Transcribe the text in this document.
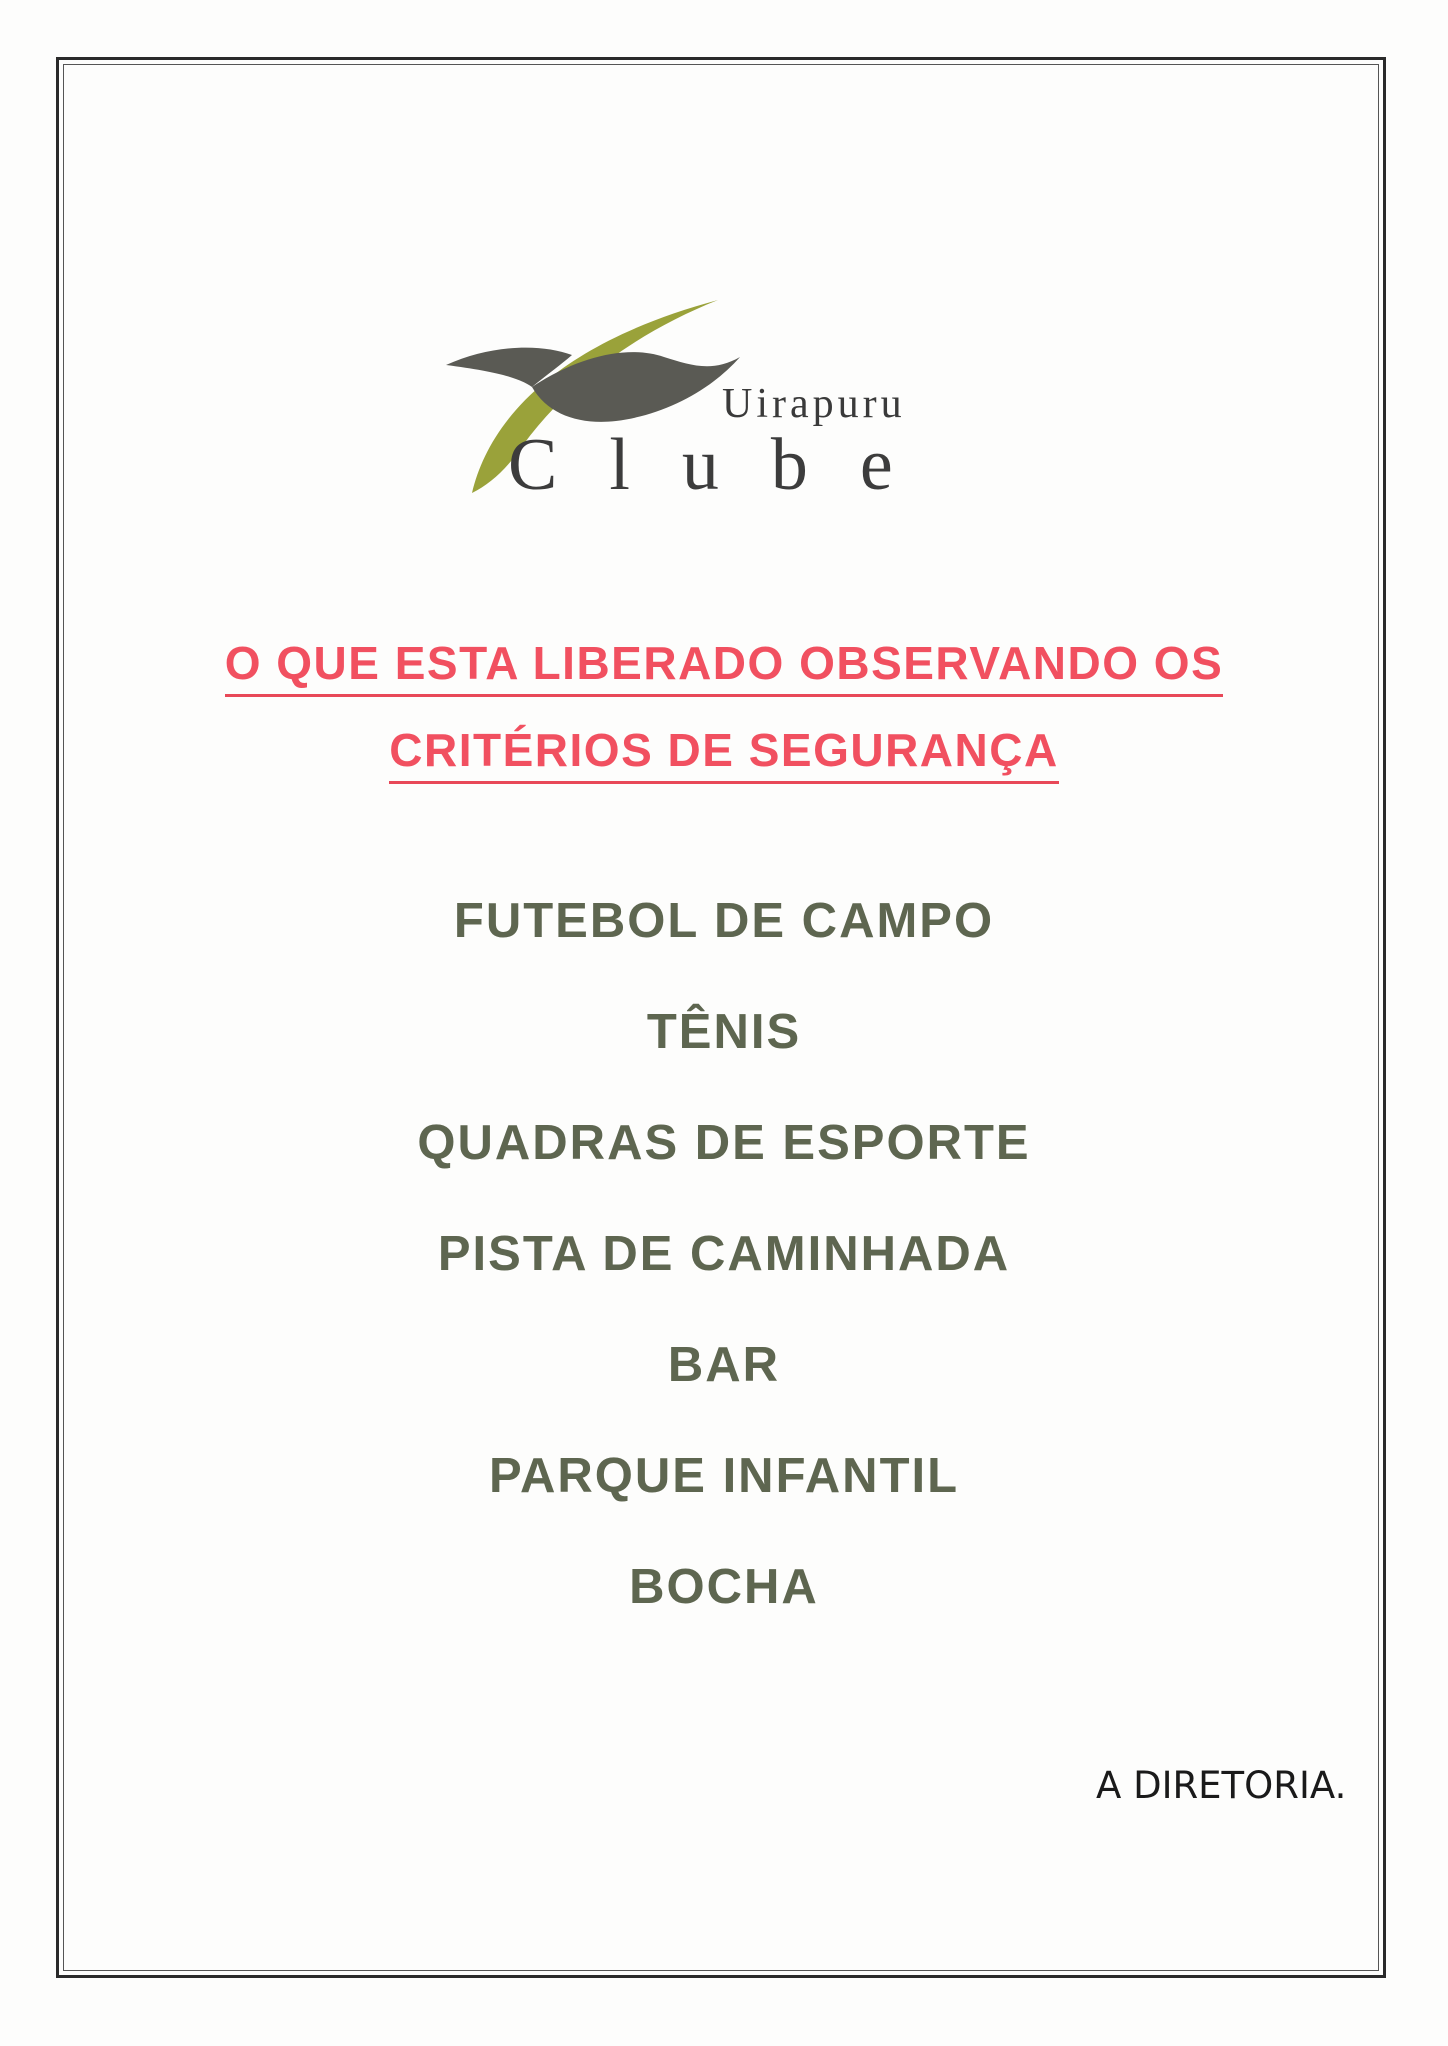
Uirapuru
Clube
O QUE ESTA LIBERADO OBSERVANDO OS
CRITÉRIOS DE SEGURANÇA
FUTEBOL DE CAMPO
TÊNIS
QUADRAS DE ESPORTE
PISTA DE CAMINHADA
BAR
PARQUE INFANTIL
BOCHA
A DIRETORIA.
